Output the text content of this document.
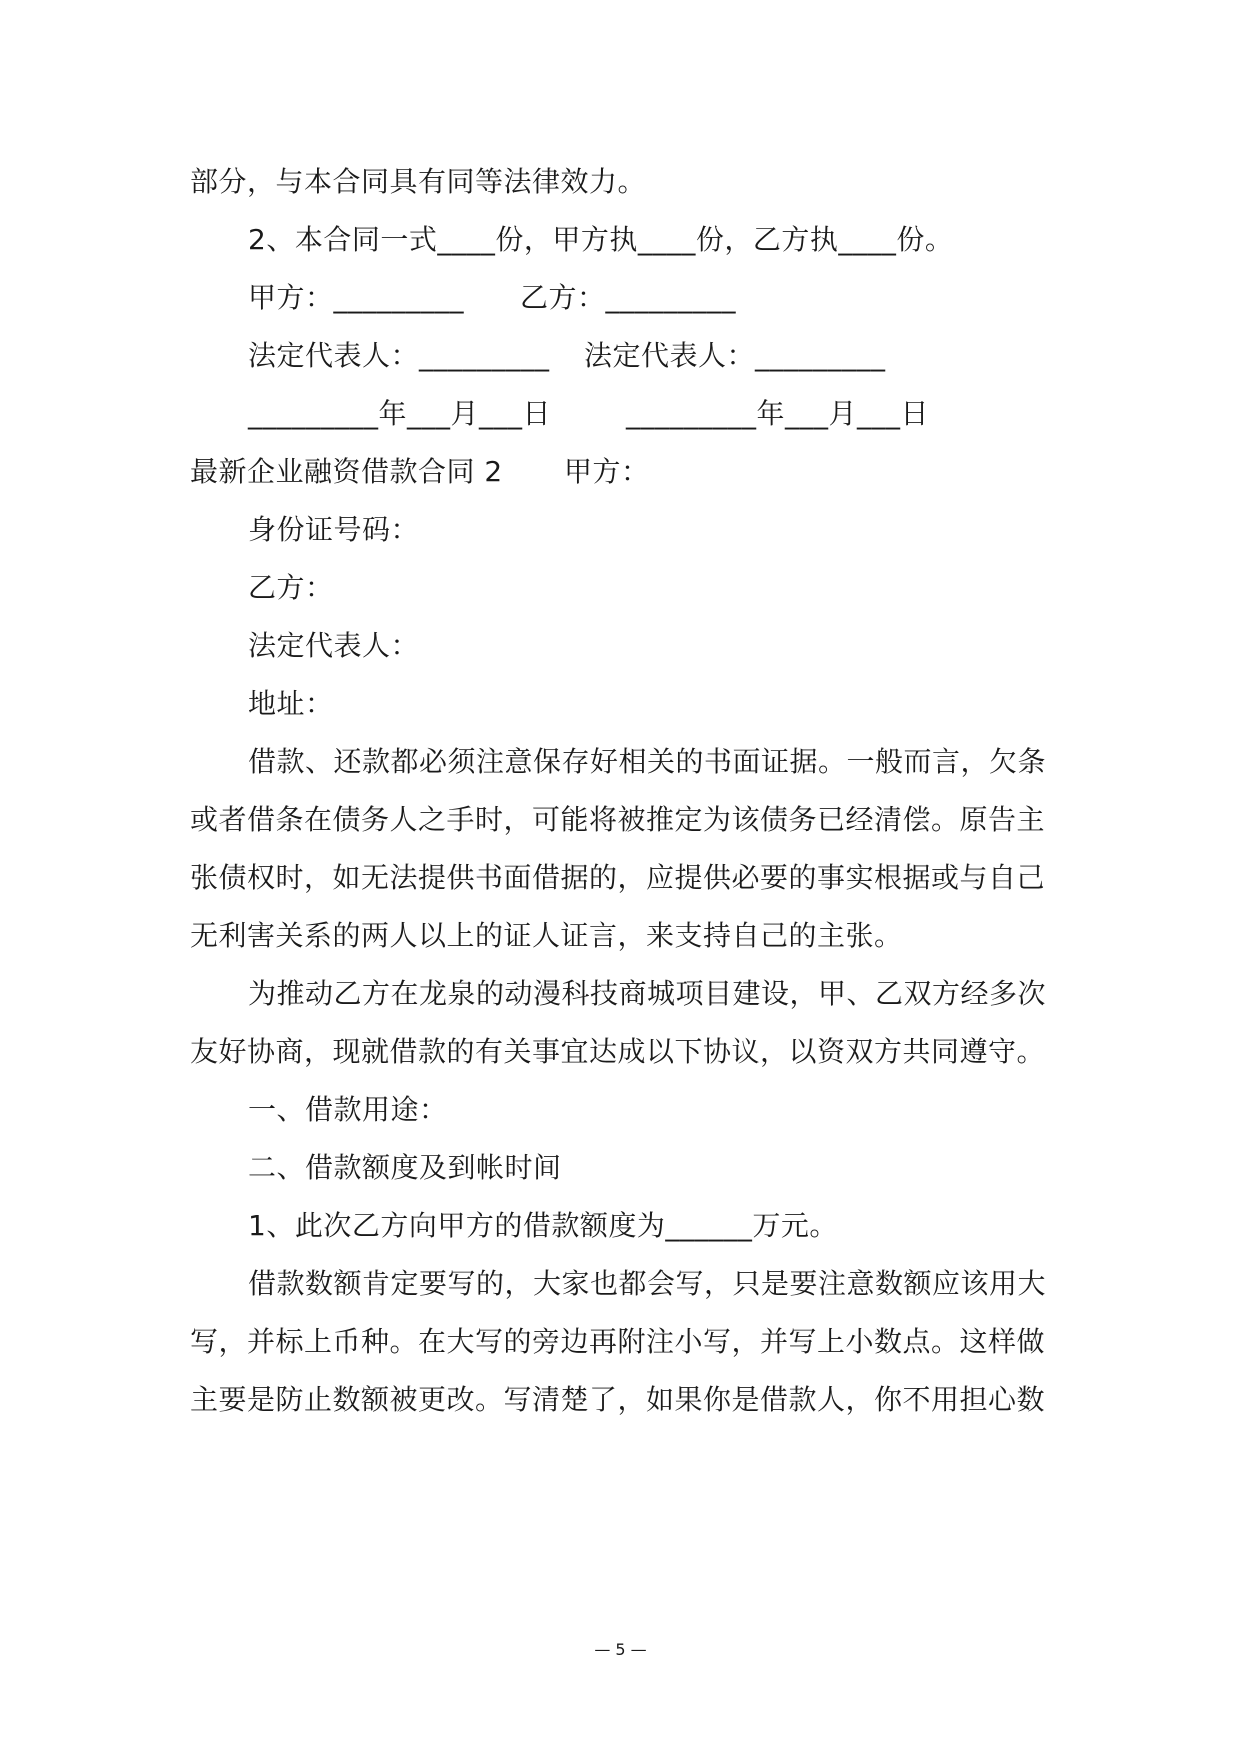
部分，与本合同具有同等法律效力。
2、本合同一式____份，甲方执____份，乙方执____份。
甲方：_________ 乙方：_________
法定代表人：_________ 法定代表人：_________
_________年___月___日	_________年___月___日
最新企业融资借款合同 2 甲方：
身份证号码：
乙方：
法定代表人：
地址：
借款、还款都必须注意保存好相关的书面证据。一般而言，欠条
或者借条在债务人之手时，可能将被推定为该债务已经清偿。原告主
张债权时，如无法提供书面借据的，应提供必要的事实根据或与自己
无利害关系的两人以上的证人证言，来支持自己的主张。
为推动乙方在龙泉的动漫科技商城项目建设，甲、乙双方经多次
友好协商，现就借款的有关事宜达成以下协议，以资双方共同遵守。
一、借款用途：
二、借款额度及到帐时间
1、此次乙方向甲方的借款额度为______万元。
借款数额肯定要写的，大家也都会写，只是要注意数额应该用大
写，并标上币种。在大写的旁边再附注小写，并写上小数点。这样做
主要是防止数额被更改。写清楚了，如果你是借款人，你不用担心数
— 5 —
